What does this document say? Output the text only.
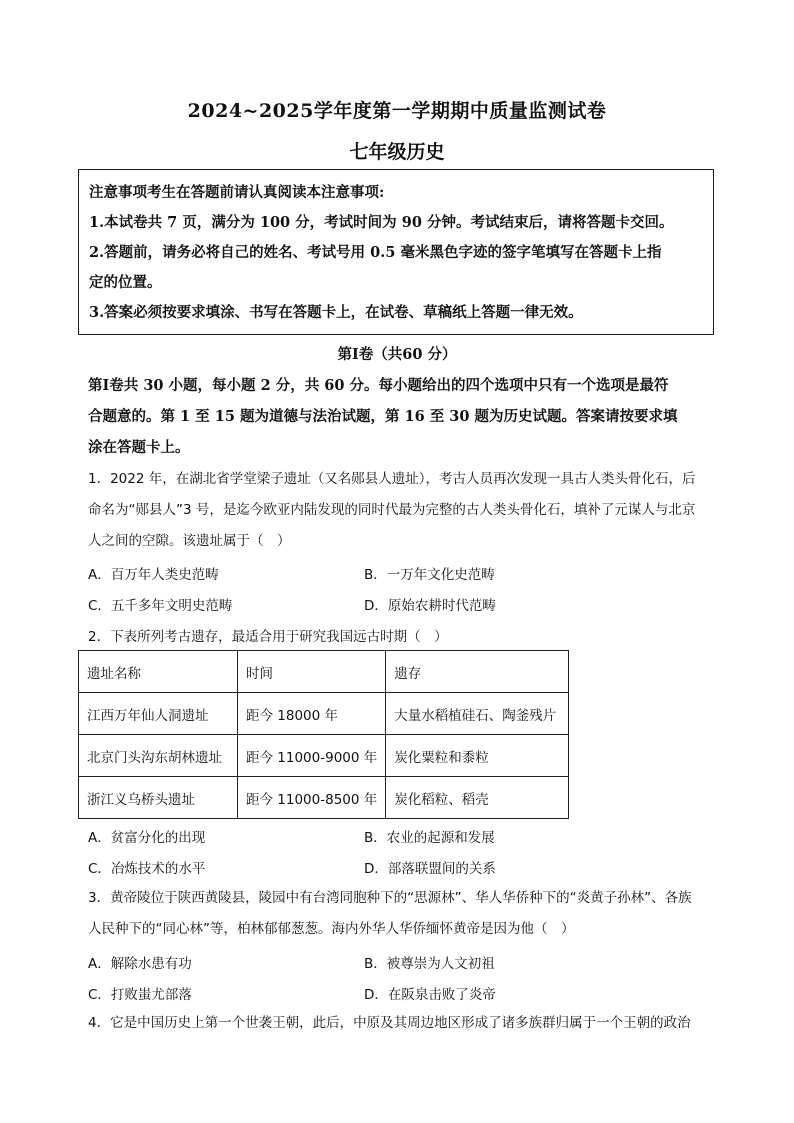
2024~2025学年度第一学期期中质量监测试卷
七年级历史

注意事项考生在答题前请认真阅读本注意事项:

1.本试卷共 7 页，满分为 100 分，考试时间为 90 分钟。考试结束后，请将答题卡交回。

2.答题前，请务必将自己的姓名、考试号用 0.5 毫米黑色字迹的签字笔填写在答题卡上指

定的位置。

3.答案必须按要求填涂、书写在答题卡上，在试卷、草稿纸上答题一律无效。

第Ⅰ卷（共60 分）
第Ⅰ卷共 30 小题，每小题 2 分，共 60 分。每小题给出的四个选项中只有一个选项是最符
合题意的。第 1 至 15 题为道德与法治试题，第 16 至 30 题为历史试题。答案请按要求填
涂在答题卡上。
1．2022 年，在湖北省学堂梁子遗址（又名郧县人遗址），考古人员再次发现一具古人类头骨化石，后
命名为“郧县人”3 号，是迄今欧亚内陆发现的同时代最为完整的古人类头骨化石，填补了元谋人与北京
人之间的空隙。该遗址属于（　）
A．百万年人类史范畴	B．一万年文化史范畴
C．五千多年文明史范畴	D．原始农耕时代范畴
2．下表所列考古遗存，最适合用于研究我国远古时期（　）
遗址名称	时间	遗存
江西万年仙人洞遗址	距今 18000 年	大量水稻植硅石、陶釜残片
北京门头沟东胡林遗址	距今 11000-9000 年	炭化粟粒和黍粒
浙江义乌桥头遗址	距今 11000-8500 年	炭化稻粒、稻壳
A．贫富分化的出现	B．农业的起源和发展
C．冶炼技术的水平	D．部落联盟间的关系
3．黄帝陵位于陕西黄陵县，陵园中有台湾同胞种下的“思源林”、华人华侨种下的“炎黄子孙林”、各族
人民种下的“同心林”等，柏林郁郁葱葱。海内外华人华侨缅怀黄帝是因为他（　）
A．解除水患有功	B．被尊崇为人文初祖
C．打败蚩尤部落	D．在阪泉击败了炎帝
4．它是中国历史上第一个世袭王朝，此后，中原及其周边地区形成了诸多族群归属于一个王朝的政治
